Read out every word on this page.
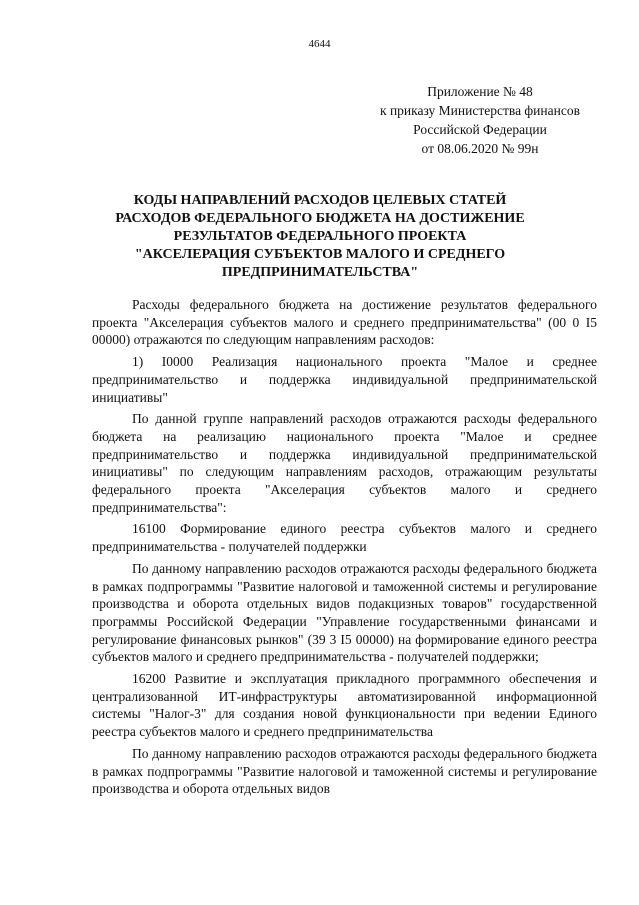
4644
Приложение № 48
к приказу Министерства финансов
Российской Федерации
от 08.06.2020 № 99н
КОДЫ НАПРАВЛЕНИЙ РАСХОДОВ ЦЕЛЕВЫХ СТАТЕЙ
РАСХОДОВ ФЕДЕРАЛЬНОГО БЮДЖЕТА НА ДОСТИЖЕНИЕ
РЕЗУЛЬТАТОВ ФЕДЕРАЛЬНОГО ПРОЕКТА
"АКСЕЛЕРАЦИЯ СУБЪЕКТОВ МАЛОГО И СРЕДНЕГО
ПРЕДПРИНИМАТЕЛЬСТВА"

Расходы федерального бюджета на достижение результатов федерального проекта "Акселерация субъектов малого и среднего предпринимательства" (00 0 I5 00000) отражаются по следующим направлениям расходов:

1) I0000 Реализация национального проекта "Малое и среднее предпринимательство и поддержка индивидуальной предпринимательской инициативы"

По данной группе направлений расходов отражаются расходы федерального бюджета на реализацию национального проекта "Малое и среднее предпринимательство и поддержка индивидуальной предпринимательской инициативы" по следующим направлениям расходов, отражающим результаты федерального проекта "Акселерация субъектов малого и среднего предпринимательства":

16100 Формирование единого реестра субъектов малого и среднего предпринимательства - получателей поддержки

По данному направлению расходов отражаются расходы федерального бюджета в рамках подпрограммы "Развитие налоговой и таможенной системы и регулирование производства и оборота отдельных видов подакцизных товаров" государственной программы Российской Федерации "Управление государственными финансами и регулирование финансовых рынков" (39 3 I5 00000) на формирование единого реестра субъектов малого и среднего предпринимательства - получателей поддержки;

16200 Развитие и эксплуатация прикладного программного обеспечения и централизованной ИТ-инфраструктуры автоматизированной информационной системы "Налог-3" для создания новой функциональности при ведении Единого реестра субъектов малого и среднего предпринимательства

По данному направлению расходов отражаются расходы федерального бюджета в рамках подпрограммы "Развитие налоговой и таможенной системы и регулирование производства и оборота отдельных видов
